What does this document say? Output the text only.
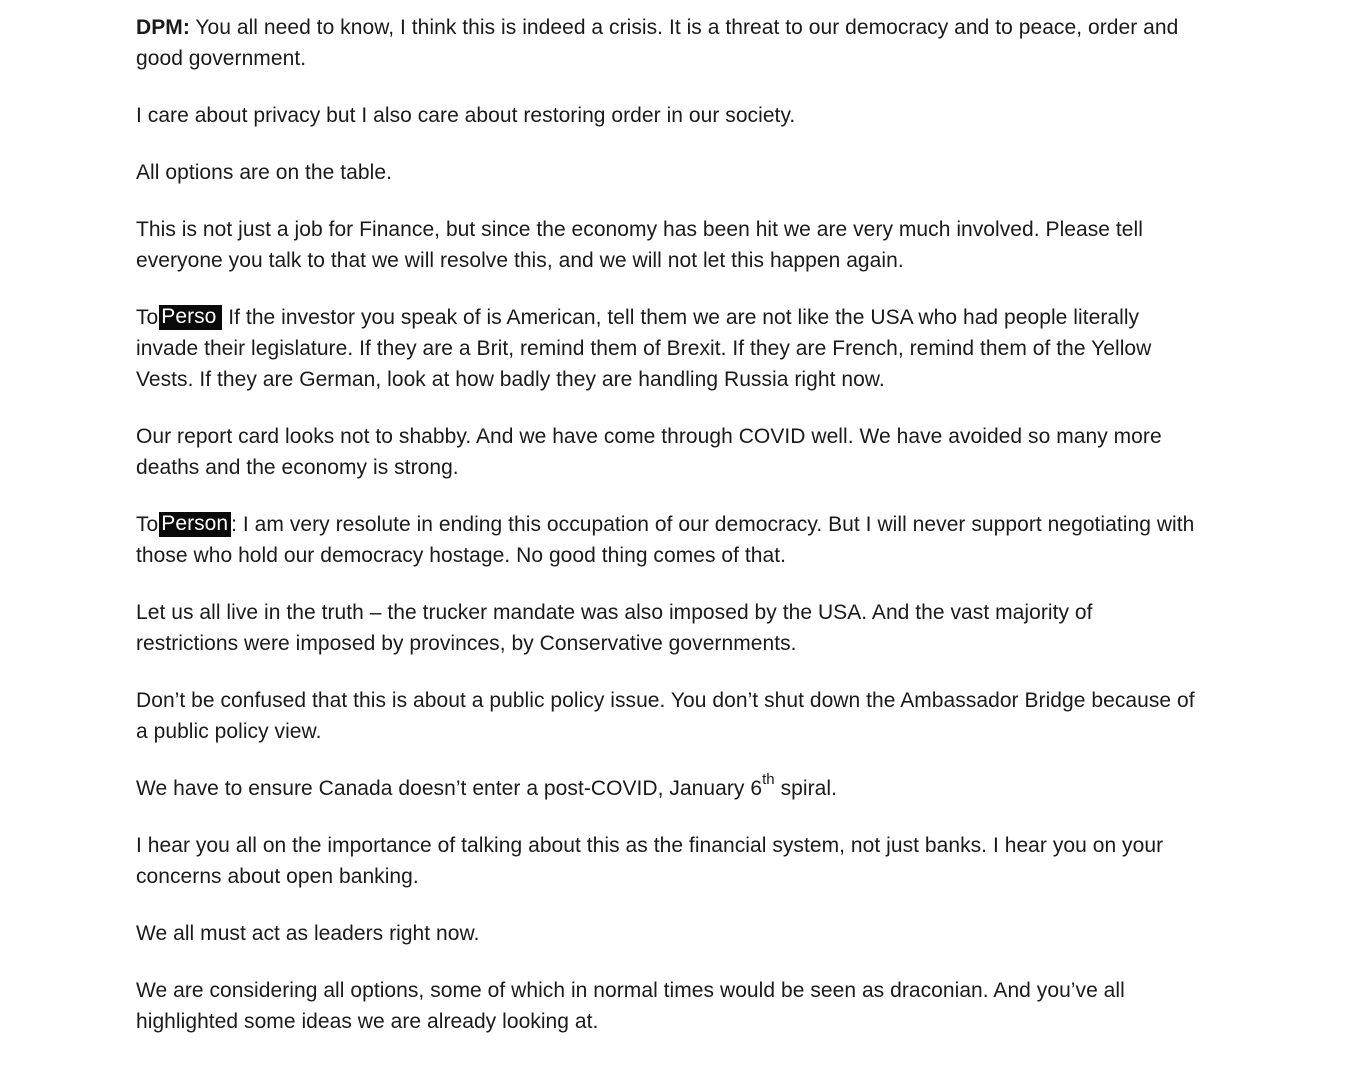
DPM: You all need to know, I think this is indeed a crisis. It is a threat to our democracy and to peace, order and good government.

I care about privacy but I also care about restoring order in our society.

All options are on the table.

This is not just a job for Finance, but since the economy has been hit we are very much involved. Please tell everyone you talk to that we will resolve this, and we will not let this happen again.

To Perso If the investor you speak of is American, tell them we are not like the USA who had people literally invade their legislature. If they are a Brit, remind them of Brexit. If they are French, remind them of the Yellow Vests. If they are German, look at how badly they are handling Russia right now.

Our report card looks not to shabby. And we have come through COVID well. We have avoided so many more deaths and the economy is strong.

To Person : I am very resolute in ending this occupation of our democracy. But I will never support negotiating with those who hold our democracy hostage. No good thing comes of that.

Let us all live in the truth – the trucker mandate was also imposed by the USA. And the vast majority of restrictions were imposed by provinces, by Conservative governments.

Don’t be confused that this is about a public policy issue. You don’t shut down the Ambassador Bridge because of a public policy view.

We have to ensure Canada doesn’t enter a post-COVID, January 6th spiral.

I hear you all on the importance of talking about this as the financial system, not just banks. I hear you on your concerns about open banking.

We all must act as leaders right now.

We are considering all options, some of which in normal times would be seen as draconian. And you’ve all highlighted some ideas we are already looking at.
